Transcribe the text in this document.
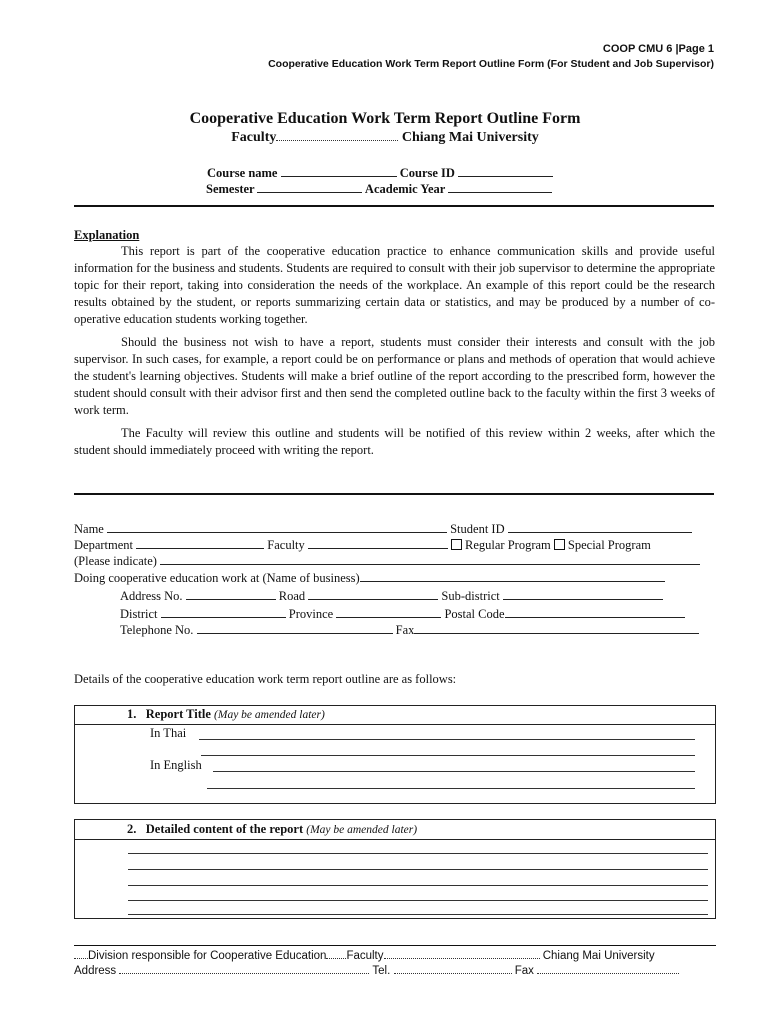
COOP CMU 6 |Page 1
Cooperative Education Work Term Report Outline Form (For Student and Job Supervisor)
Cooperative Education Work Term Report Outline Form
Faculty	Chiang Mai University
Course name	Course ID
Semester	Academic Year
Explanation

This report is part of the cooperative education practice to enhance communication skills and provide useful information for the business and students. Students are required to consult with their job supervisor to determine the appropriate topic for their report, taking into consideration the needs of the workplace. An example of this report could be the research results obtained by the student, or reports summarizing certain data or statistics, and may be produced by a number of co-operative education students working together.

Should the business not wish to have a report, students must consider their interests and consult with the job supervisor. In such cases, for example, a report could be on performance or plans and methods of operation that would achieve the student's learning objectives. Students will make a brief outline of the report according to the prescribed form, however the student should consult with their advisor first and then send the completed outline back to the faculty within the first 3 weeks of work term.

The Faculty will review this outline and students will be notified of this review within 2 weeks, after which the student should immediately proceed with writing the report.

Name	Student ID
Department	Faculty	Regular Program Special Program
(Please indicate)
Doing cooperative education work at (Name of business)
Address No.	Road	Sub-district
District	Province	Postal Code
Telephone No.	Fax
Details of the cooperative education work term report outline are as follows:
1. Report Title (May be amended later)
In Thai
In English
2. Detailed content of the report (May be amended later)
Division responsible for Cooperative Education Faculty	Chiang Mai University
Address	Tel.	Fax
